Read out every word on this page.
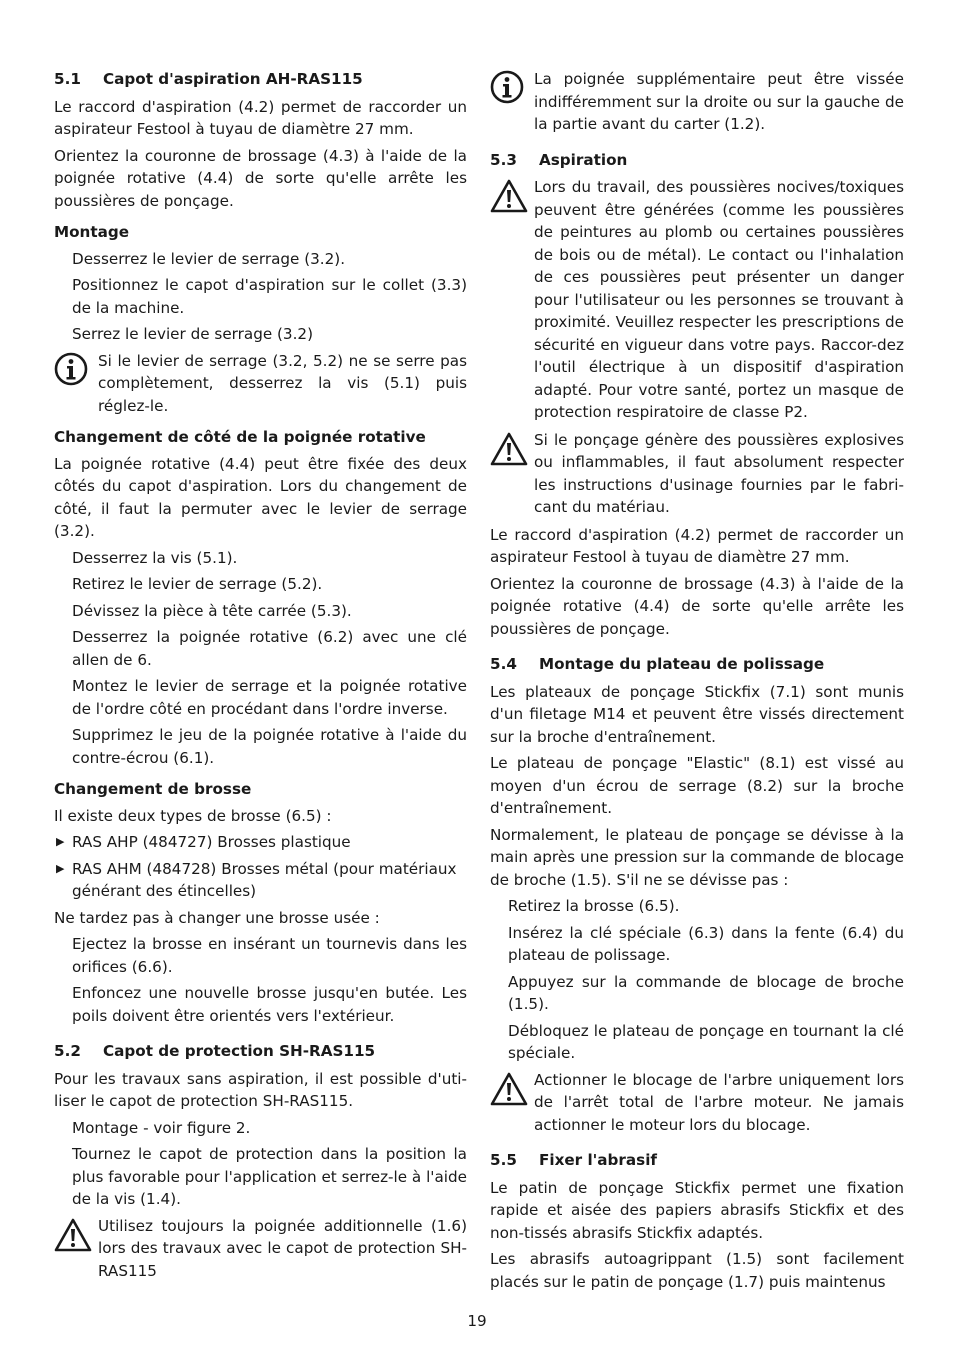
5.1 Capot d'aspiration AH-RAS115

Le raccord d'aspiration (4.2) permet de raccorder un aspirateur Festool à tuyau de diamètre 27 mm.

Orientez la couronne de brossage (4.3) à l'aide de la poignée rotative (4.4) de sorte qu'elle arrête les poussières de ponçage.

Montage

Desserrez le levier de serrage (3.2).

Positionnez le capot d'aspiration sur le collet (3.3) de la machine.

Serrez le levier de serrage (3.2)

Si le levier de serrage (3.2, 5.2) ne se serre pas complètement, desserrez la vis (5.1) puis réglez-le.
Changement de côté de la poignée rotative

La poignée rotative (4.4) peut être fixée des deux côtés du capot d'aspiration. Lors du changement de côté, il faut la permuter avec le levier de serrage (3.2).

Desserrez la vis (5.1).

Retirez le levier de serrage (5.2).

Dévissez la pièce à tête carrée (5.3).

Desserrez la poignée rotative (6.2) avec une clé allen de 6.

Montez le levier de serrage et la poignée rotative de l'ordre côté en procédant dans l'ordre inverse.

Supprimez le jeu de la poignée rotative à l'aide du contre-écrou (6.1).

Changement de brosse

Il existe deux types de brosse (6.5) :

▶ RAS AHP (484727) Brosses plastique
▶ RAS AHM (484728) Brosses métal (pour matériaux générant des étincelles)

Ne tardez pas à changer une brosse usée :

Ejectez la brosse en insérant un tournevis dans les orifices (6.6).

Enfoncez une nouvelle brosse jusqu'en butée. Les poils doivent être orientés vers l'extérieur.

5.2 Capot de protection SH-RAS115

Pour les travaux sans aspiration, il est possible d'uti-liser le capot de protection SH-RAS115.

Montage - voir figure 2.

Tournez le capot de protection dans la position la plus favorable pour l'application et serrez-le à l'aide de la vis (1.4).

Utilisez toujours la poignée additionnelle (1.6) lors des travaux avec le capot de protection SH-RAS115
La poignée supplémentaire peut être vissée indifféremment sur la droite ou sur la gauche de la partie avant du carter (1.2).
5.3 Aspiration
Lors du travail, des poussières nocives/toxiques peuvent être générées (comme les poussières de peintures au plomb ou certaines poussières de bois ou de métal). Le contact ou l'inhalation de ces poussières peut présenter un danger pour l'utilisateur ou les personnes se trouvant à proximité. Veuillez respecter les prescriptions de sécurité en vigueur dans votre pays. Raccor-dez l'outil électrique à un dispositif d'aspiration adapté. Pour votre santé, portez un masque de protection respiratoire de classe P2.
Si le ponçage génère des poussières explosives ou inflammables, il faut absolument respecter les instructions d'usinage fournies par le fabri-cant du matériau.

Le raccord d'aspiration (4.2) permet de raccorder un aspirateur Festool à tuyau de diamètre 27 mm.

Orientez la couronne de brossage (4.3) à l'aide de la poignée rotative (4.4) de sorte qu'elle arrête les poussières de ponçage.

5.4 Montage du plateau de polissage

Les plateaux de ponçage Stickfix (7.1) sont munis d'un filetage M14 et peuvent être vissés directement sur la broche d'entraînement.

Le plateau de ponçage "Elastic" (8.1) est vissé au moyen d'un écrou de serrage (8.2) sur la broche d'entraînement.

Normalement, le plateau de ponçage se dévisse à la main après une pression sur la commande de blocage de broche (1.5). S'il ne se dévisse pas :

Retirez la brosse (6.5).

Insérez la clé spéciale (6.3) dans la fente (6.4) du plateau de polissage.

Appuyez sur la commande de blocage de broche (1.5).

Débloquez le plateau de ponçage en tournant la clé spéciale.

Actionner le blocage de l'arbre uniquement lors de l'arrêt total de l'arbre moteur. Ne jamais actionner le moteur lors du blocage.
5.5 Fixer l'abrasif

Le patin de ponçage Stickfix permet une fixation rapide et aisée des papiers abrasifs Stickfix et des non-tissés abrasifs Stickfix adaptés.

Les abrasifs autoagrippant (1.5) sont facilement placés sur le patin de ponçage (1.7) puis maintenus

19
